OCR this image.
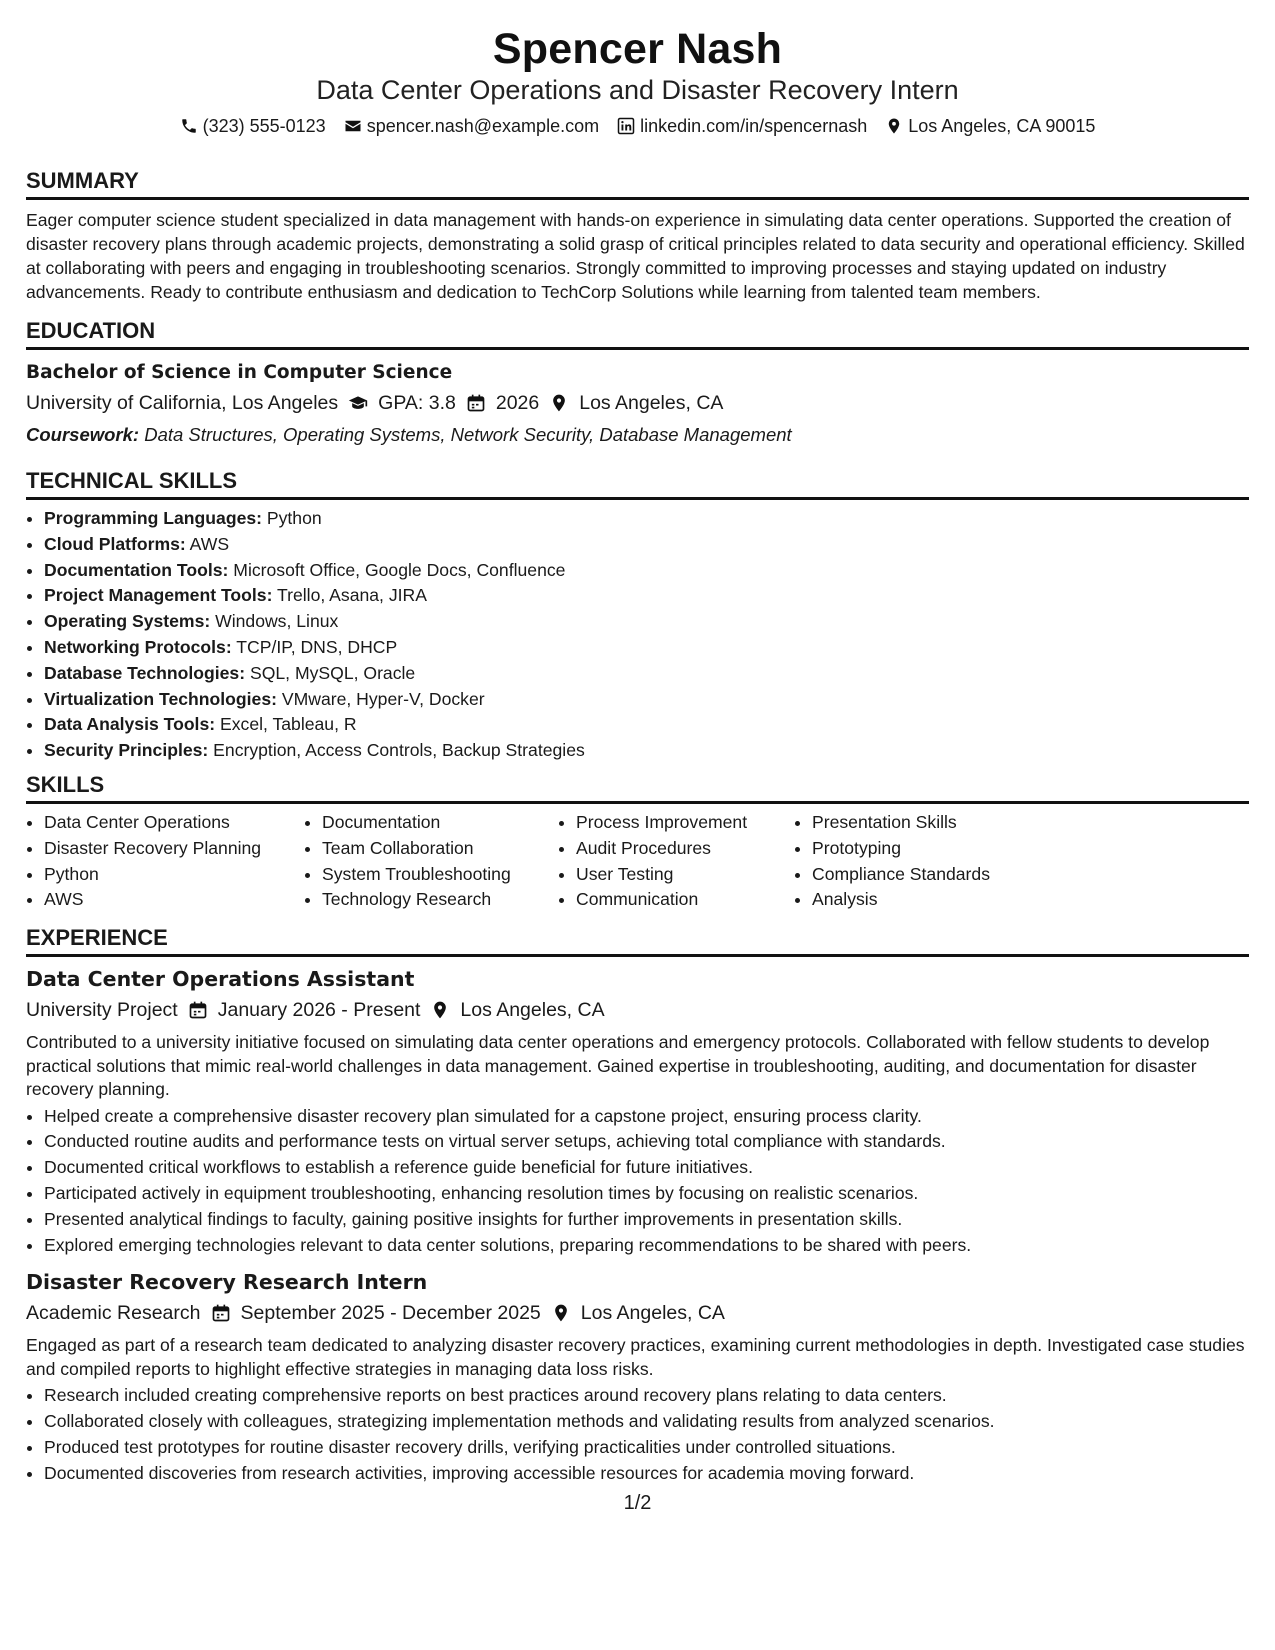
Spencer Nash
Data Center Operations and Disaster Recovery Intern
(323) 555-0123 spencer.nash@example.com linkedin.com/in/spencernash Los Angeles, CA 90015
SUMMARY
Eager computer science student specialized in data management with hands-on experience in simulating data center operations. Supported the creation of disaster recovery plans through academic projects, demonstrating a solid grasp of critical principles related to data security and operational efficiency. Skilled at collaborating with peers and engaging in troubleshooting scenarios. Strongly committed to improving processes and staying updated on industry advancements. Ready to contribute enthusiasm and dedication to TechCorp Solutions while learning from talented team members.
EDUCATION
Bachelor of Science in Computer Science
University of California, Los Angeles GPA: 3.8 2026 Los Angeles, CA
Coursework: Data Structures, Operating Systems, Network Security, Database Management
TECHNICAL SKILLS
• Programming Languages: Python
• Cloud Platforms: AWS
• Documentation Tools: Microsoft Office, Google Docs, Confluence
• Project Management Tools: Trello, Asana, JIRA
• Operating Systems: Windows, Linux
• Networking Protocols: TCP/IP, DNS, DHCP
• Database Technologies: SQL, MySQL, Oracle
• Virtualization Technologies: VMware, Hyper-V, Docker
• Data Analysis Tools: Excel, Tableau, R
• Security Principles: Encryption, Access Controls, Backup Strategies
SKILLS
• Data Center Operations
• Disaster Recovery Planning
• Python
• AWS
• Documentation
• Team Collaboration
• System Troubleshooting
• Technology Research
• Process Improvement
• Audit Procedures
• User Testing
• Communication
• Presentation Skills
• Prototyping
• Compliance Standards
• Analysis
EXPERIENCE
Data Center Operations Assistant
University Project January 2026 - Present Los Angeles, CA
Contributed to a university initiative focused on simulating data center operations and emergency protocols. Collaborated with fellow students to develop practical solutions that mimic real-world challenges in data management. Gained expertise in troubleshooting, auditing, and documentation for disaster recovery planning.
• Helped create a comprehensive disaster recovery plan simulated for a capstone project, ensuring process clarity.
• Conducted routine audits and performance tests on virtual server setups, achieving total compliance with standards.
• Documented critical workflows to establish a reference guide beneficial for future initiatives.
• Participated actively in equipment troubleshooting, enhancing resolution times by focusing on realistic scenarios.
• Presented analytical findings to faculty, gaining positive insights for further improvements in presentation skills.
• Explored emerging technologies relevant to data center solutions, preparing recommendations to be shared with peers.
Disaster Recovery Research Intern
Academic Research September 2025 - December 2025 Los Angeles, CA
Engaged as part of a research team dedicated to analyzing disaster recovery practices, examining current methodologies in depth. Investigated case studies and compiled reports to highlight effective strategies in managing data loss risks.
• Research included creating comprehensive reports on best practices around recovery plans relating to data centers.
• Collaborated closely with colleagues, strategizing implementation methods and validating results from analyzed scenarios.
• Produced test prototypes for routine disaster recovery drills, verifying practicalities under controlled situations.
• Documented discoveries from research activities, improving accessible resources for academia moving forward.
1/2
